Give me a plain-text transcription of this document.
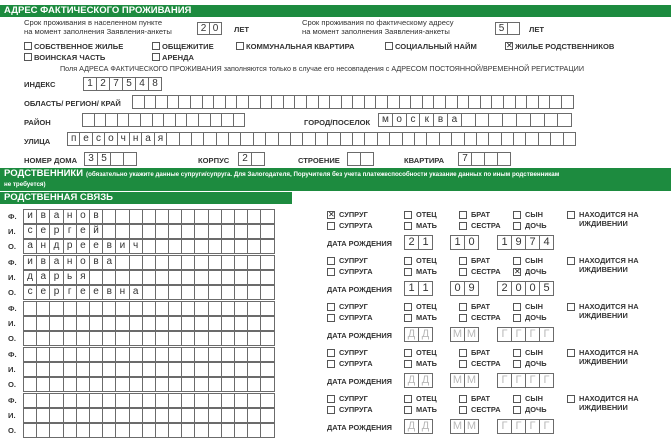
АДРЕС ФАКТИЧЕСКОГО ПРОЖИВАНИЯ
Срок проживания в населенном пункте
на момент заполнения Заявления-анкеты	2 0	ЛЕТ
Срок проживания по фактическому адресу
на момент заполнения Заявления-анкеты	5	ЛЕТ
СОБСТВЕННОЕ ЖИЛЬЕ	ОБЩЕЖИТИЕ	КОММУНАЛЬНАЯ КВАРТИРА	СОЦИАЛЬНЫЙ НАЙМ	✕ ЖИЛЬЕ РОДСТВЕННИКОВ
ВОИНСКАЯ ЧАСТЬ	АРЕНДА
Поля АДРЕСА ФАКТИЧЕСКОГО ПРОЖИВАНИЯ заполняются только в случае его несовпадения с АДРЕСОМ ПОСТОЯННОЙ/ВРЕМЕННОЙ РЕГИСТРАЦИИ
ИНДЕКС	1 2 7 5 4 8
ОБЛАСТЬ/ РЕГИОН/ КРАЙ
РАЙОН	ГОРОД/ПОСЕЛОК	м о с к в а
УЛИЦА	п е с о ч н а я
НОМЕР ДОМА	3 5	КОРПУС	2	СТРОЕНИЕ	КВАРТИРА	7
РОДСТВЕННИКИ (обязательно укажите данные супруги/супруга. Для Залогодателя, Поручителя без учета платежеспособности указание данных по иным родственникам
не требуется)
РОДСТВЕННАЯ СВЯЗЬ
Ф.	и в а н о в
И.	с е р г е й
О.	а н д р е е в и ч
✕ СУПРУГ	ОТЕЦ	БРАТ	СЫН
СУПРУГА	МАТЬ	СЕСТРА	ДОЧЬ
НАХОДИТСЯ НА
ИЖДИВЕНИИ
ДАТА РОЖДЕНИЯ	2 1	1 0	1 9 7 4
Ф.	и в а н о в а
И.	д а р ь я
О.	с е р г е е в н а
СУПРУГ	ОТЕЦ	БРАТ	СЫН
СУПРУГА	МАТЬ	СЕСТРА ✕ ДОЧЬ
НАХОДИТСЯ НА
ИЖДИВЕНИИ
ДАТА РОЖДЕНИЯ	1 1	0 9	2 0 0 5
Ф.
И.
О.
СУПРУГ	ОТЕЦ	БРАТ	СЫН
СУПРУГА	МАТЬ	СЕСТРА	ДОЧЬ
НАХОДИТСЯ НА
ИЖДИВЕНИИ
ДАТА РОЖДЕНИЯ	Д Д	М М	Г Г Г Г
Ф.
И.
О.
СУПРУГ	ОТЕЦ	БРАТ	СЫН
СУПРУГА	МАТЬ	СЕСТРА	ДОЧЬ
НАХОДИТСЯ НА
ИЖДИВЕНИИ
ДАТА РОЖДЕНИЯ	Д Д	М М	Г Г Г Г
Ф.
И.
О.
СУПРУГ	ОТЕЦ	БРАТ	СЫН
СУПРУГА	МАТЬ	СЕСТРА	ДОЧЬ
НАХОДИТСЯ НА
ИЖДИВЕНИИ
ДАТА РОЖДЕНИЯ	Д Д	М М	Г Г Г Г
